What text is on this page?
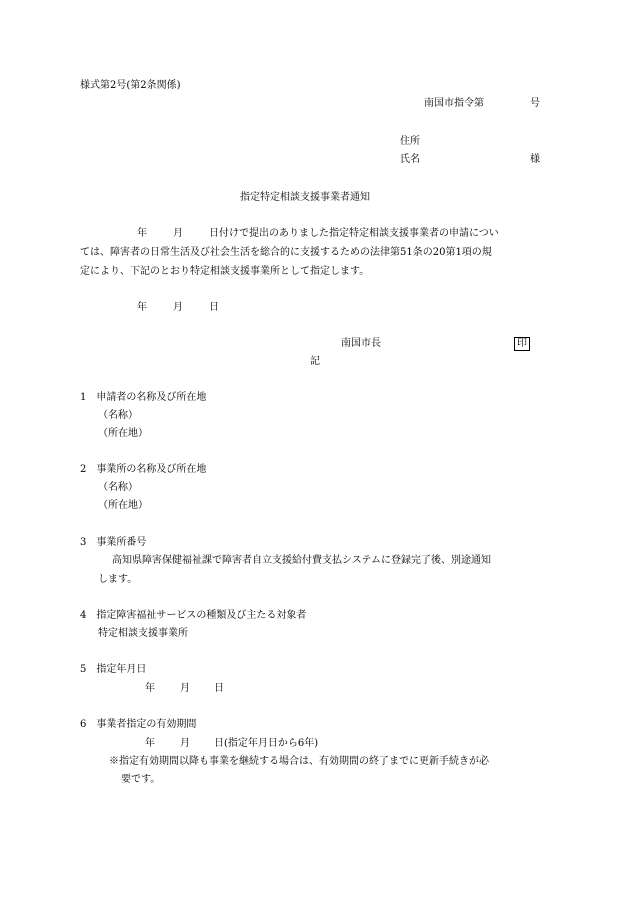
様式第2号(第2条関係)
南国市指令第	号
住所
氏名	様
指定特定相談支援事業者通知
年	月	日付けで提出のありました指定特定相談支援事業者の申請につい
ては、障害者の日常生活及び社会生活を総合的に支援するための法律第51条の20第1項の規
定により、下記のとおり特定相談支援事業所として指定します。
年	月	日
南国市長	印
記
1　申請者の名称及び所在地
（名称）
（所在地）
2　事業所の名称及び所在地
（名称）
（所在地）
3　事業所番号
高知県障害保健福祉課で障害者自立支援給付費支払システムに登録完了後、別途通知
します。
4　指定障害福祉サービスの種類及び主たる対象者
特定相談支援事業所
5　指定年月日
年	月 日
6　事業者指定の有効期間
年	月 日(指定年月日から6年)
※指定有効期間以降も事業を継続する場合は、有効期間の終了までに更新手続きが必
要です。
